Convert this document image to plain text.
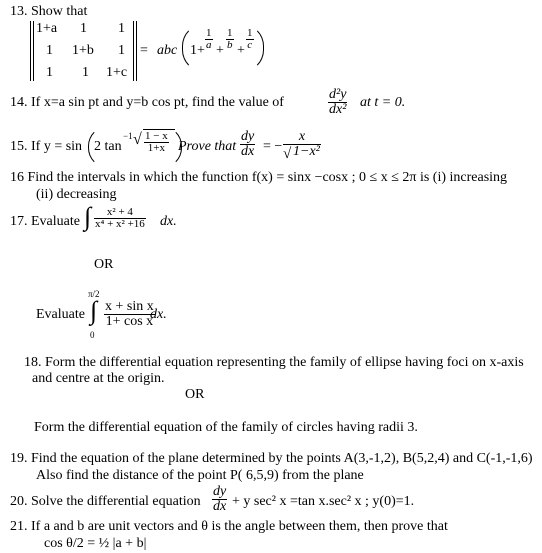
13. Show that
1+a 1 1
1 1+b 1
1 1 1+c
= abc $1+ \frac{1}{a} + \frac{1}{b} + \frac{1}{c}$
14. If x=a sin pt and y=b cos pt, find the value of	$\frac{\text{d²y}}{\text{dx²}}$ at t = 0.
15. If y = sin 2 tan
−1 √ $\frac{1 - x}{1+x}$ Prove that $\frac{dy}{dx}$ = − $\frac{x}{\text{1−x²}}$
√
16 Find the intervals in which the function f(x) = sinx −cosx ; 0 ≤ x ≤ 2π is (i) increasing
(ii) decreasing
17. Evaluate ∫ $\frac{\text{x² + 4}}{\text{x⁴ + x² +16}}$ dx.
OR
Evaluate
π/2
∫
0
$\frac{\text{x + sin x}}{\text{1+ cos x}}$
dx.
18. Form the differential equation representing the family of ellipse having foci on x-axis
and centre at the origin.
OR
Form the differential equation of the family of circles having radii 3.
19. Find the equation of the plane determined by the points A(3,-1,2), B(5,2,4) and C(-1,-1,6)
Also find the distance of the point P( 6,5,9) from the plane
20. Solve the differential equation $\frac{dy}{dx} + y$ sec² x =tan x.sec² x ; y(0)=1.
21. If a and b are unit vectors and θ is the angle between them, then prove that
cos θ/2 = ½ |a + b|
